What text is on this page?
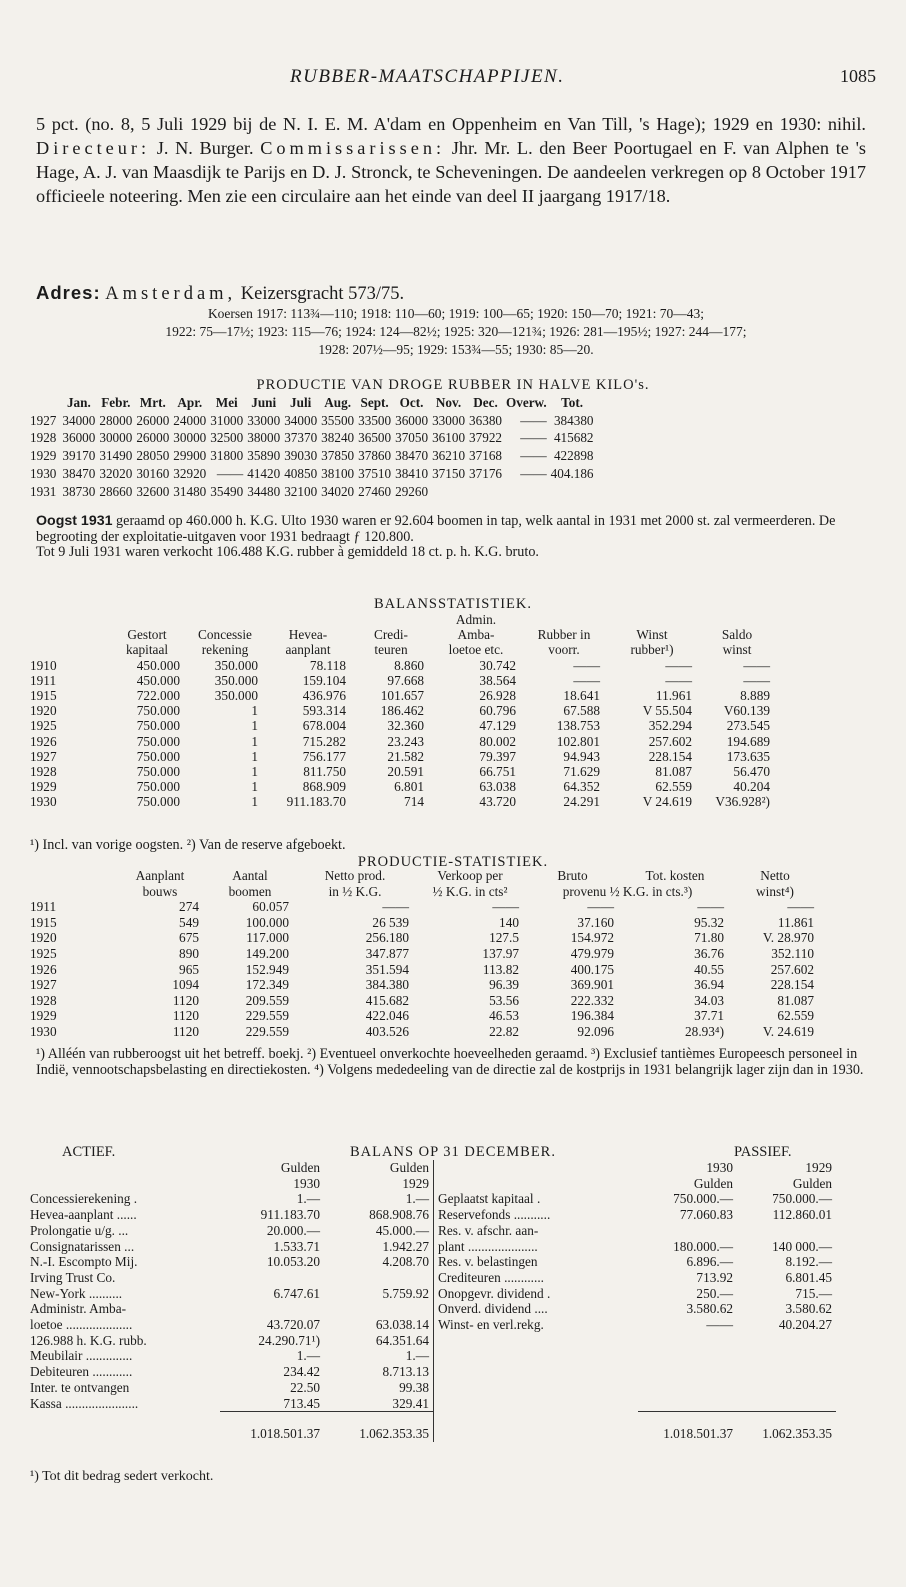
RUBBER-MAATSCHAPPIJEN.	1085
5 pct. (no. 8, 5 Juli 1929 bij de N. I. E. M. A'dam en Oppenheim en Van Till, 's Hage); 1929 en 1930: nihil. Directeur: J. N. Burger. Commissarissen: Jhr. Mr. L. den Beer Poortugael en F. van Alphen te 's Hage, A. J. van Maasdijk te Parijs en D. J. Stronck, te Scheveningen. De aandeelen verkregen op 8 October 1917 officieele noteering. Men zie een circulaire aan het einde van deel II jaargang 1917/18.
Adres: Amsterdam, Keizersgracht 573/75.
Koersen 1917: 113¾—110; 1918: 110—60; 1919: 100—65; 1920: 150—70; 1921: 70—43;
1922: 75—17½; 1923: 115—76; 1924: 124—82½; 1925: 320—121¾; 1926: 281—195½; 1927: 244—177;
1928: 207½—95; 1929: 153¾—55; 1930: 85—20.
PRODUCTIE VAN DROGE RUBBER IN HALVE KILO's.
	Jan.	Febr.	Mrt.	Apr.	Mei	Juni	Juli	Aug.	Sept.	Oct.	Nov.	Dec.	Overw.	Tot.
1927	34000	28000	26000	24000	31000	33000	34000	35500	33500	36000	33000	36380	——	384380
1928	36000	30000	26000	30000	32500	38000	37370	38240	36500	37050	36100	37922	——	415682
1929	39170	31490	28050	29900	31800	35890	39030	37850	37860	38470	36210	37168	——	422898
1930	38470	32020	30160	32920	——	41420	40850	38100	37510	38410	37150	37176	——	404.186
1931	38730	28660	32600	31480	35490	34480	32100	34020	27460	29260				
Oogst 1931 geraamd op 460.000 h. K.G. Ulto 1930 waren er 92.604 boomen in tap, welk aantal in 1931 met 2000 st. zal vermeerderen. De begrooting der exploitatie-uitgaven voor 1931 bedraagt ƒ 120.800.
Tot 9 Juli 1931 waren verkocht 106.488 K.G. rubber à gemiddeld 18 ct. p. h. K.G. bruto.
BALANSSTATISTIEK.
					Admin.			
	Gestort	Concessie	Hevea-	Credi-	Amba-	Rubber in	Winst	Saldo
	kapitaal	rekening	aanplant	teuren	loetoe etc.	voorr.	rubber¹)	winst
1910	450.000	350.000	78.118	8.860	30.742	——	——	——
1911	450.000	350.000	159.104	97.668	38.564	——	——	——
1915	722.000	350.000	436.976	101.657	26.928	18.641	11.961	8.889
1920	750.000	1	593.314	186.462	60.796	67.588	V 55.504	V60.139
1925	750.000	1	678.004	32.360	47.129	138.753	352.294	273.545
1926	750.000	1	715.282	23.243	80.002	102.801	257.602	194.689
1927	750.000	1	756.177	21.582	79.397	94.943	228.154	173.635
1928	750.000	1	811.750	20.591	66.751	71.629	81.087	56.470
1929	750.000	1	868.909	6.801	63.038	64.352	62.559	40.204
1930	750.000	1	911.183.70	714	43.720	24.291	V 24.619	V36.928²)
¹) Incl. van vorige oogsten. ²) Van de reserve afgeboekt.
PRODUCTIE-STATISTIEK.
	Aanplant	Aantal	Netto prod.	Verkoop per	Bruto	Tot. kosten	Netto
	bouws	boomen	in ½ K.G.	½ K.G. in cts²	provenu ½ K.G. in cts.³)		winst⁴)
1911	274	60.057	——	——	——	——	——
1915	549	100.000	26 539	140	37.160	95.32	11.861
1920	675	117.000	256.180	127.5	154.972	71.80	V. 28.970
1925	890	149.200	347.877	137.97	479.979	36.76	352.110
1926	965	152.949	351.594	113.82	400.175	40.55	257.602
1927	1094	172.349	384.380	96.39	369.901	36.94	228.154
1928	1120	209.559	415.682	53.56	222.332	34.03	81.087
1929	1120	229.559	422.046	46.53	196.384	37.71	62.559
1930	1120	229.559	403.526	22.82	92.096	28.93⁴)	V. 24.619
¹) Alléén van rubberoogst uit het betreff. boekj. ²) Eventueel onverkochte hoeveelheden geraamd. ³) Exclusief tantièmes Europeesch personeel in Indië, vennootschapsbelasting en directiekosten. ⁴) Volgens mededeeling van de directie zal de kostprijs in 1931 belangrijk lager zijn dan in 1930.
BALANS OP 31 DECEMBER.
ACTIEF.	PASSIEF.
	Gulden	Gulden		1930	1929
	1930	1929		Gulden	Gulden
Concessierekening .	1.—	1.—	Geplaatst kapitaal .	750.000.—	750.000.—
Hevea-aanplant ......	911.183.70	868.908.76	Reservefonds ...........	77.060.83	112.860.01
Prolongatie u/g. ...	20.000.—	45.000.—	Res. v. afschr. aan-		
Consignatarissen ...	1.533.71	1.942.27	plant .....................	180.000.—	140 000.—
N.-I. Escompto Mij.	10.053.20	4.208.70	Res. v. belastingen	6.896.—	8.192.—
Irving Trust Co.			Crediteuren ............	713.92	6.801.45
New-York ..........	6.747.61	5.759.92	Onopgevr. dividend .	250.—	715.—
Administr. Amba-			Onverd. dividend ....	3.580.62	3.580.62
loetoe ....................	43.720.07	63.038.14	Winst- en verl.rekg.	——	40.204.27
126.988 h. K.G. rubb.	24.290.71¹)	64.351.64			
Meubilair ..............	1.—	1.—			
Debiteuren ............	234.42	8.713.13			
Inter. te ontvangen	22.50	99.38			
Kassa ......................	713.45	329.41			
	1.018.501.37	1.062.353.35		1.018.501.37	1.062.353.35
¹) Tot dit bedrag sedert verkocht.
